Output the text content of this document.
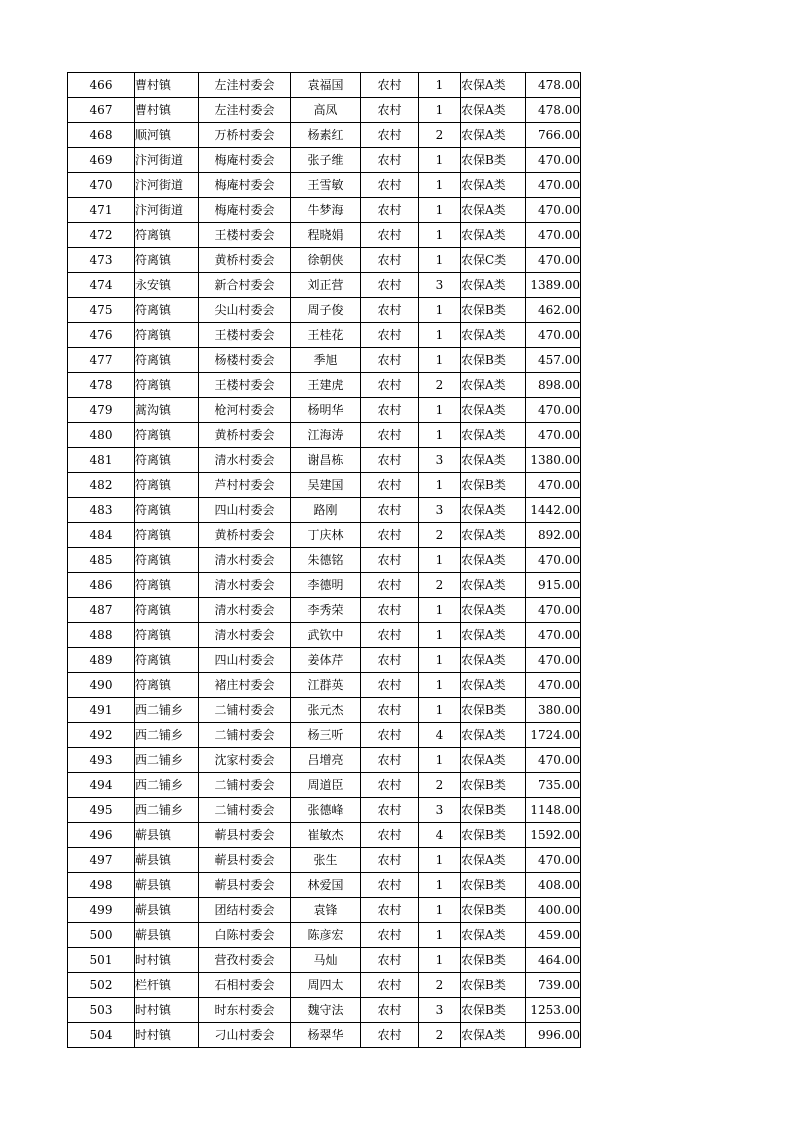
466	曹村镇	左洼村委会	袁福国	农村	1	农保A类	478.00
467	曹村镇	左洼村委会	高凤	农村	1	农保A类	478.00
468	顺河镇	万桥村委会	杨素红	农村	2	农保A类	766.00
469	汴河街道	梅庵村委会	张子维	农村	1	农保B类	470.00
470	汴河街道	梅庵村委会	王雪敏	农村	1	农保A类	470.00
471	汴河街道	梅庵村委会	牛梦海	农村	1	农保A类	470.00
472	符离镇	王楼村委会	程晓娟	农村	1	农保A类	470.00
473	符离镇	黄桥村委会	徐朝侠	农村	1	农保C类	470.00
474	永安镇	新合村委会	刘正营	农村	3	农保A类	1389.00
475	符离镇	尖山村委会	周子俊	农村	1	农保B类	462.00
476	符离镇	王楼村委会	王桂花	农村	1	农保A类	470.00
477	符离镇	杨楼村委会	季旭	农村	1	农保B类	457.00
478	符离镇	王楼村委会	王建虎	农村	2	农保A类	898.00
479	蒿沟镇	枪河村委会	杨明华	农村	1	农保A类	470.00
480	符离镇	黄桥村委会	江海涛	农村	1	农保A类	470.00
481	符离镇	清水村委会	谢昌栋	农村	3	农保A类	1380.00
482	符离镇	芦村村委会	吴建国	农村	1	农保B类	470.00
483	符离镇	四山村委会	路刚	农村	3	农保A类	1442.00
484	符离镇	黄桥村委会	丁庆林	农村	2	农保A类	892.00
485	符离镇	清水村委会	朱德铭	农村	1	农保A类	470.00
486	符离镇	清水村委会	李德明	农村	2	农保A类	915.00
487	符离镇	清水村委会	李秀荣	农村	1	农保A类	470.00
488	符离镇	清水村委会	武钦中	农村	1	农保A类	470.00
489	符离镇	四山村委会	姜体芹	农村	1	农保A类	470.00
490	符离镇	褚庄村委会	江群英	农村	1	农保A类	470.00
491	西二铺乡	二铺村委会	张元杰	农村	1	农保B类	380.00
492	西二铺乡	二铺村委会	杨三听	农村	4	农保A类	1724.00
493	西二铺乡	沈家村委会	吕增亮	农村	1	农保A类	470.00
494	西二铺乡	二铺村委会	周道臣	农村	2	农保B类	735.00
495	西二铺乡	二铺村委会	张德峰	农村	3	农保B类	1148.00
496	蕲县镇	蕲县村委会	崔敏杰	农村	4	农保B类	1592.00
497	蕲县镇	蕲县村委会	张生	农村	1	农保A类	470.00
498	蕲县镇	蕲县村委会	林爱国	农村	1	农保B类	408.00
499	蕲县镇	团结村委会	袁锋	农村	1	农保B类	400.00
500	蕲县镇	白陈村委会	陈彦宏	农村	1	农保A类	459.00
501	时村镇	营孜村委会	马灿	农村	1	农保B类	464.00
502	栏杆镇	石相村委会	周四太	农村	2	农保B类	739.00
503	时村镇	时东村委会	魏守法	农村	3	农保B类	1253.00
504	时村镇	刁山村委会	杨翠华	农村	2	农保A类	996.00
